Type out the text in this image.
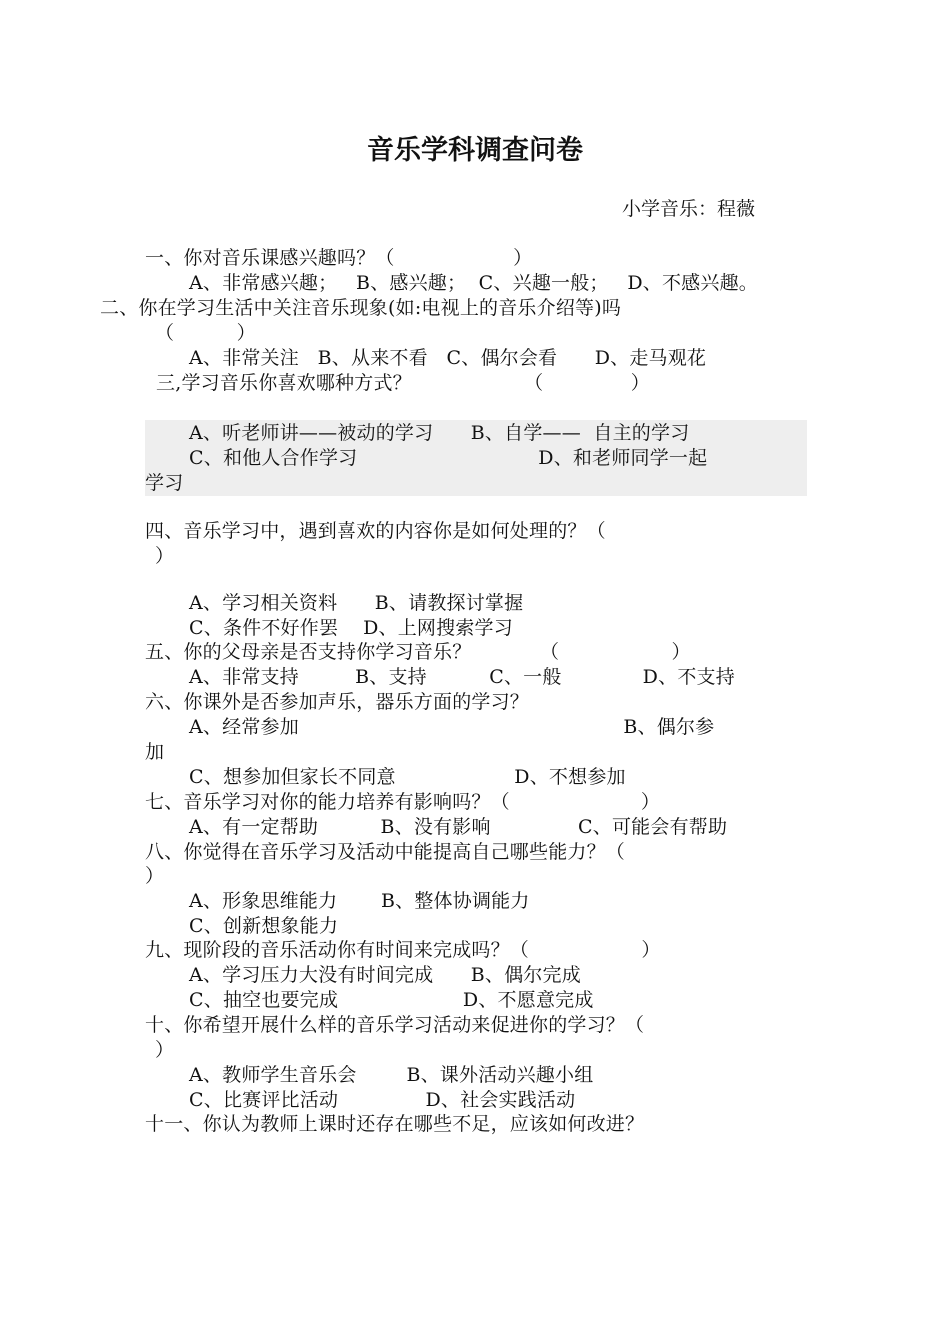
音乐学科调查问卷
小学音乐：程薇
一、你对音乐课感兴趣吗？（                   ）
A、非常感兴趣；   B、感兴趣；  C、兴趣一般；   D、不感兴趣。
二、你在学习生活中关注音乐现象(如:电视上的音乐介绍等)吗
（          ）
A、非常关注   B、从来不看   C、偶尔会看      D、走马观花
三,学习音乐你喜欢哪种方式？                  （              ）
A、听老师讲——被动的学习      B、自学——  自主的学习
C、和他人合作学习                             D、和老师同学一起
学习
四、音乐学习中，遇到喜欢的内容你是如何处理的？（
）
A、学习相关资料      B、请教探讨掌握
C、条件不好作罢    D、上网搜索学习
五、你的父母亲是否支持你学习音乐？           （                  ）
A、非常支持         B、支持          C、一般             D、不支持
六、你课外是否参加声乐，器乐方面的学习？
A、经常参加                                                    B、偶尔参
加
C、想参加但家长不同意                   D、不想参加
七、音乐学习对你的能力培养有影响吗？（                     ）
A、有一定帮助          B、没有影响              C、可能会有帮助
八、你觉得在音乐学习及活动中能提高自己哪些能力？（
）
A、形象思维能力       B、整体协调能力
C、创新想象能力
九、现阶段的音乐活动你有时间来完成吗？（                  ）
A、学习压力大没有时间完成      B、偶尔完成
C、抽空也要完成                    D、不愿意完成
十、你希望开展什么样的音乐学习活动来促进你的学习？（
）
A、教师学生音乐会        B、课外活动兴趣小组
C、比赛评比活动              D、社会实践活动
十一、你认为教师上课时还存在哪些不足，应该如何改进？
